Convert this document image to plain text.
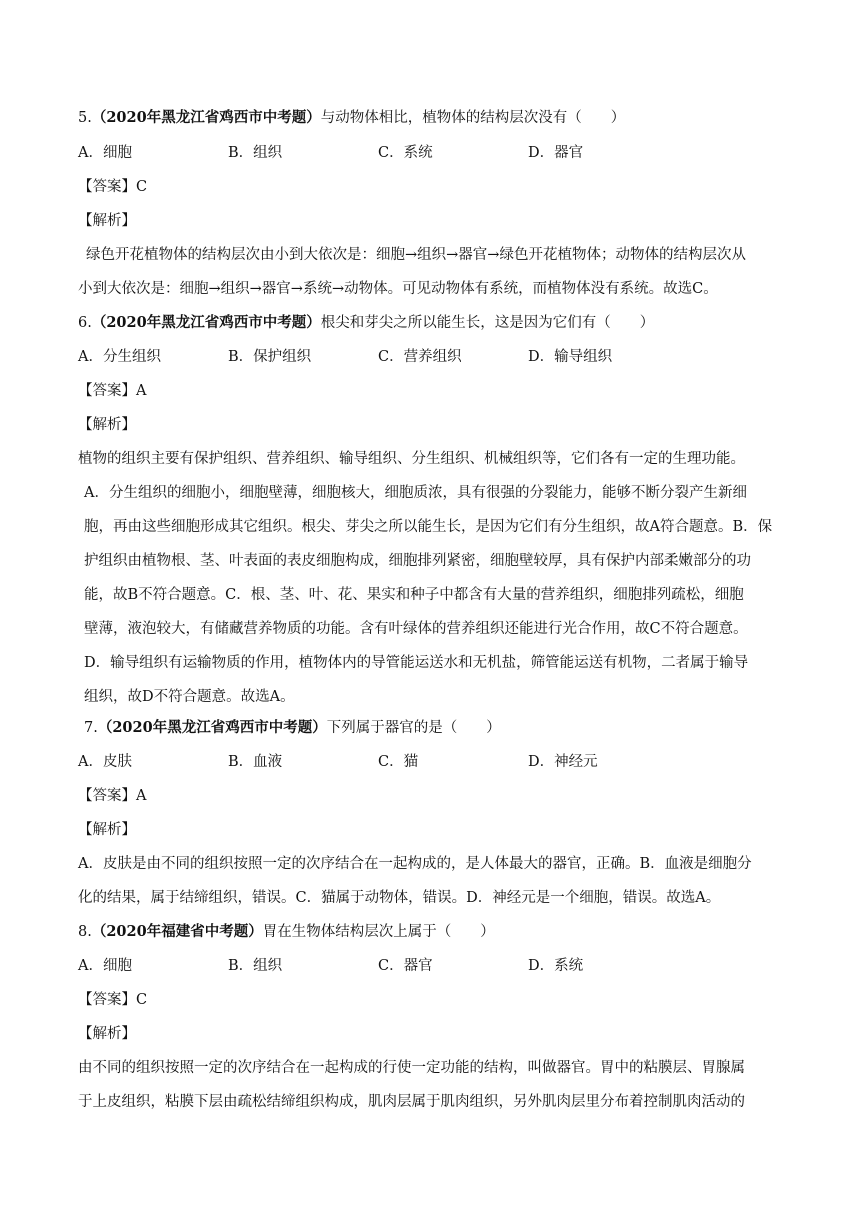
5.（2020年黑龙江省鸡西市中考题）与动物体相比，植物体的结构层次没有（　　）
A．细胞	B．组织	C．系统	D．器官
【答案】C
【解析】
绿色开花植物体的结构层次由小到大依次是：细胞→组织→器官→绿色开花植物体；动物体的结构层次从
小到大依次是：细胞→组织→器官→系统→动物体。可见动物体有系统，而植物体没有系统。故选C。
6.（2020年黑龙江省鸡西市中考题）根尖和芽尖之所以能生长，这是因为它们有（　　）
A．分生组织	B．保护组织	C．营养组织	D．输导组织
【答案】A
【解析】
植物的组织主要有保护组织、营养组织、输导组织、分生组织、机械组织等，它们各有一定的生理功能。
A．分生组织的细胞小，细胞壁薄，细胞核大，细胞质浓，具有很强的分裂能力，能够不断分裂产生新细
胞，再由这些细胞形成其它组织。根尖、芽尖之所以能生长，是因为它们有分生组织，故A符合题意。B．保
护组织由植物根、茎、叶表面的表皮细胞构成，细胞排列紧密，细胞壁较厚，具有保护内部柔嫩部分的功
能，故B不符合题意。C．根、茎、叶、花、果实和种子中都含有大量的营养组织，细胞排列疏松，细胞
壁薄，液泡较大，有储藏营养物质的功能。含有叶绿体的营养组织还能进行光合作用，故C不符合题意。
D．输导组织有运输物质的作用，植物体内的导管能运送水和无机盐，筛管能运送有机物，二者属于输导
组织，故D不符合题意。故选A。
7.（2020年黑龙江省鸡西市中考题）下列属于器官的是（　　）
A．皮肤	B．血液	C．猫	D．神经元
【答案】A
【解析】
A．皮肤是由不同的组织按照一定的次序结合在一起构成的，是人体最大的器官，正确。B．血液是细胞分
化的结果，属于结缔组织，错误。C．猫属于动物体，错误。D．神经元是一个细胞，错误。故选A。
8.（2020年福建省中考题）胃在生物体结构层次上属于（　　）
A．细胞	B．组织	C．器官	D．系统
【答案】C
【解析】
由不同的组织按照一定的次序结合在一起构成的行使一定功能的结构，叫做器官。胃中的粘膜层、胃腺属
于上皮组织，粘膜下层由疏松结缔组织构成，肌肉层属于肌肉组织，另外肌肉层里分布着控制肌肉活动的
